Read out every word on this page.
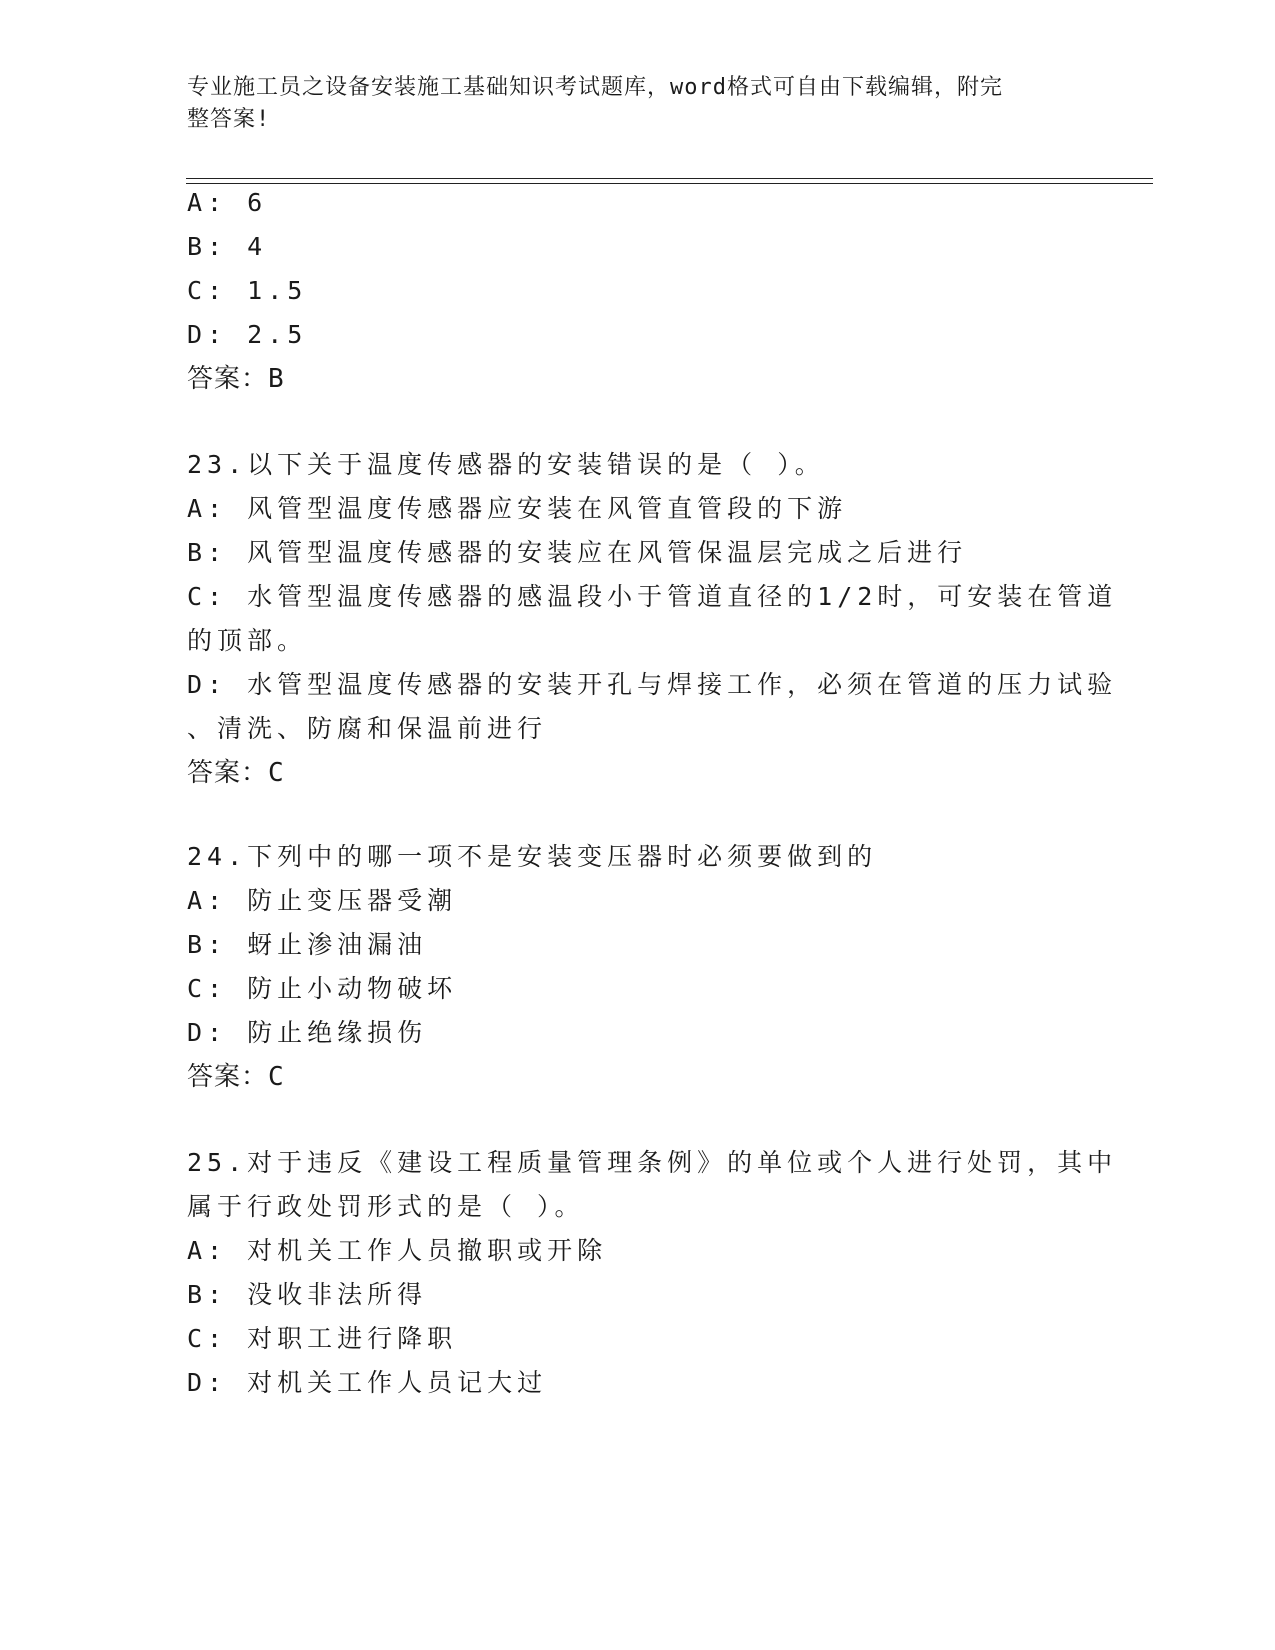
专业施工员之设备安装施工基础知识考试题库，word格式可自由下载编辑，附完
整答案!
A: 6
B: 4
C: 1.5
D: 2.5
答案：B
23.以下关于温度传感器的安装错误的是（ ）。
A: 风管型温度传感器应安装在风管直管段的下游
B: 风管型温度传感器的安装应在风管保温层完成之后进行
C: 水管型温度传感器的感温段小于管道直径的1/2时，可安装在管道
的顶部。
D: 水管型温度传感器的安装开孔与焊接工作，必须在管道的压力试验
、清洗、防腐和保温前进行
答案：C
24.下列中的哪一项不是安装变压器时必须要做到的
A: 防止变压器受潮
B: 蚜止渗油漏油
C: 防止小动物破坏
D: 防止绝缘损伤
答案：C
25.对于违反《建设工程质量管理条例》的单位或个人进行处罚，其中
属于行政处罚形式的是（ ）。
A: 对机关工作人员撤职或开除
B: 没收非法所得
C: 对职工进行降职
D: 对机关工作人员记大过
